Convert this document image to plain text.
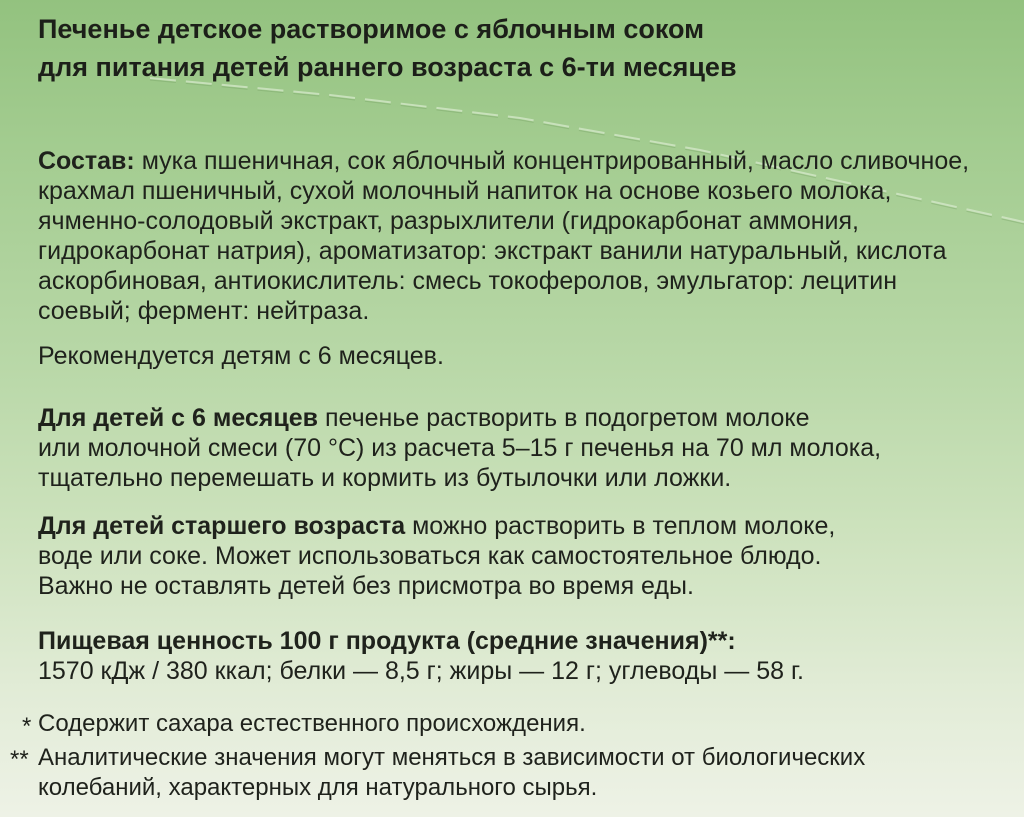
Печенье детское растворимое с яблочным соком
для питания детей раннего возраста с 6-ти месяцев
Состав: мука пшеничная, сок яблочный концентрированный, масло сливочное,
крахмал пшеничный, сухой молочный напиток на основе козьего молока,
ячменно-солодовый экстракт, разрыхлители (гидрокарбонат аммония,
гидрокарбонат натрия), ароматизатор: экстракт ванили натуральный, кислота
аскорбиновая, антиокислитель: смесь токоферолов, эмульгатор: лецитин
соевый; фермент: нейтраза.
Рекомендуется детям с 6 месяцев.
Для детей с 6 месяцев печенье растворить в подогретом молоке
или молочной смеси (70 °C) из расчета 5–15 г печенья на 70 мл молока,
тщательно перемешать и кормить из бутылочки или ложки.
Для детей старшего возраста можно растворить в теплом молоке,
воде или соке. Может использоваться как самостоятельное блюдо.
Важно не оставлять детей без присмотра во время еды.
Пищевая ценность 100 г продукта (средние значения)**:
1570 кДж / 380 ккал; белки — 8,5 г; жиры — 12 г; углеводы — 58 г.
* Содержит сахара естественного происхождения.
** Аналитические значения могут меняться в зависимости от биологических
колебаний, характерных для натурального сырья.
